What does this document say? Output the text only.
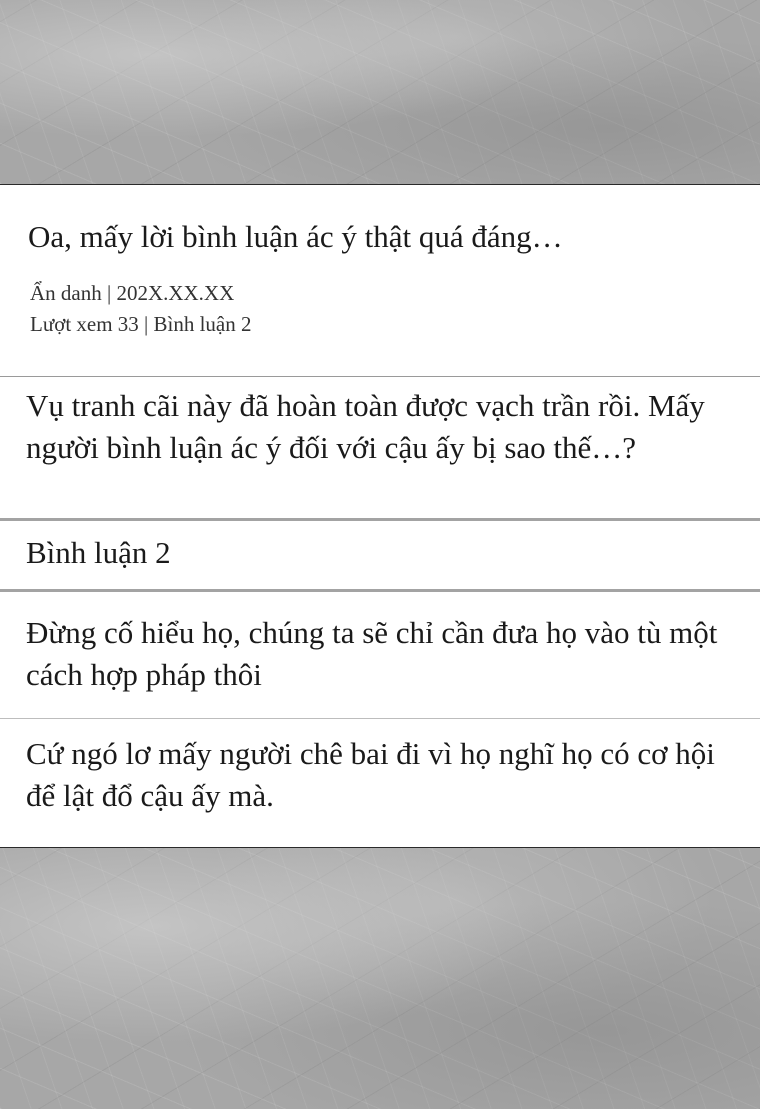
Oa, mấy lời bình luận ác ý thật quá đáng…
Ẩn danh | 202X.XX.XX
Lượt xem 33 | Bình luận 2
Vụ tranh cãi này đã hoàn toàn được vạch trần rồi. Mấy người bình luận ác ý đối với cậu ấy bị sao thế…?
Bình luận 2
Đừng cố hiểu họ, chúng ta sẽ chỉ cần đưa họ vào tù một cách hợp pháp thôi
Cứ ngó lơ mấy người chê bai đi vì họ nghĩ họ có cơ hội để lật đổ cậu ấy mà.
